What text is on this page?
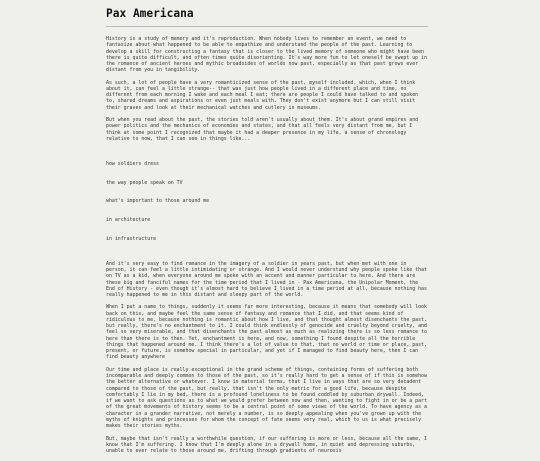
Pax Americana

History is a study of memory and it's reproduction. When nobody lives to remember an event, we need to fantasize about what happened to be able to empathize and understand the people of the past. Learning to develop a skill for constructing a fantasy that is closer to the lived memory of someone who might have been there is quite difficult, and often times quite disorienting. It's way more fun to let oneself be swept up in the romance of ancient heroes and mythic broadsides of worlds now past, especially as that past grows ever distant from you in tangibility.

As such, a lot of people have a very romanticized sense of the past, myself included, which, when I think about it, can feel a little strange-- that was just how people lived in a different place and time, no different from each morning I wake and each meal I eat; there are people I could have talked to and spoken to, shared dreams and aspirations or even just meals with. They don't exist anymore but I can still visit their graves and look at their mechanical watches and cutlery in museums.

But when you read about the past, the stories told aren't usually about them. It's about grand empires and power politics and the mechanics of economies and states, and that all feels very distant from me, but I think at some point I recognized that maybe it had a deeper presence in my life, a sense of chronology relative to now, that I can see in things like...

how soldiers dress

the way people speak on TV

what's important to those around me

in architecture

in infrastructure

And it's very easy to find romance in the imagery of a soldier in years past, but when met with one in person, it can feel a little intimidating or strange. And I would never understand why people spoke like that on TV as a kid, when everyone around me spoke with an accent and manner particular to here. And there are these big and fanciful names for the time period that I lived in - Pax Americana, the Unipolar Moment, the End of History - even though it's almost hard to believe I lived in a time period at all, because nothing has really happened to me in this distant and sleepy part of the world.

When I put a name to things, suddenly it seems far more interesting, because it means that somebody will look back on this, and maybe feel the same sense of fantasy and romance that I did, and that seems kind of ridiculous to me, because nothing is romantic about how I live, and that thought almost disenchants the past, but really, there's no enchantment to it. I could think endlessly of genocide and cruelty beyond cruelty, and feel so very miserable, and that disenchants the past almost as much as realizing there is so less romance to here than there is to then. Yet, enchantment is here, and now, something I found despite all the horrible things that happened around me. I think there's a lot of value to that, that no world or time or place, past, present, or future, is somehow special in particular, and yet if I managed to find beauty here, then I can find beauty anywhere

Our time and place is really exceptional in the grand scheme of things, containing forms of suffering both incomparable and deeply common to those of the past, so it's really hard to get a sense of if this is somehow the better alternative or whatever. I know in material terms, that I live in ways that are so very decadent compared to those of the past, but really, that isn't the only metric for a good life, because despite comfortably I lie in my bed, there is a profound loneliness to be found coddled by suburban drywall. Indeed, if we want to ask questions as to what we would prefer between now and then, wanting to fight in or be a part of the great movements of history seems to be a central point of some views of the world. To have agency as a character in a grander narrative, not merely a number, is so deeply appealing when you've grown up with the myths of knights and princesses for whom the concept of fate seems very real, which to us is what precisely makes their stories myths.

But, maybe that isn't really a worthwhile question, if our suffering is more or less, because all the same, I know that I'm suffering. I know that I'm deeply alone in a drywall home, in quiet and depressing suburbs, unable to ever relate to those around me, drifting through gradients of neurosis
